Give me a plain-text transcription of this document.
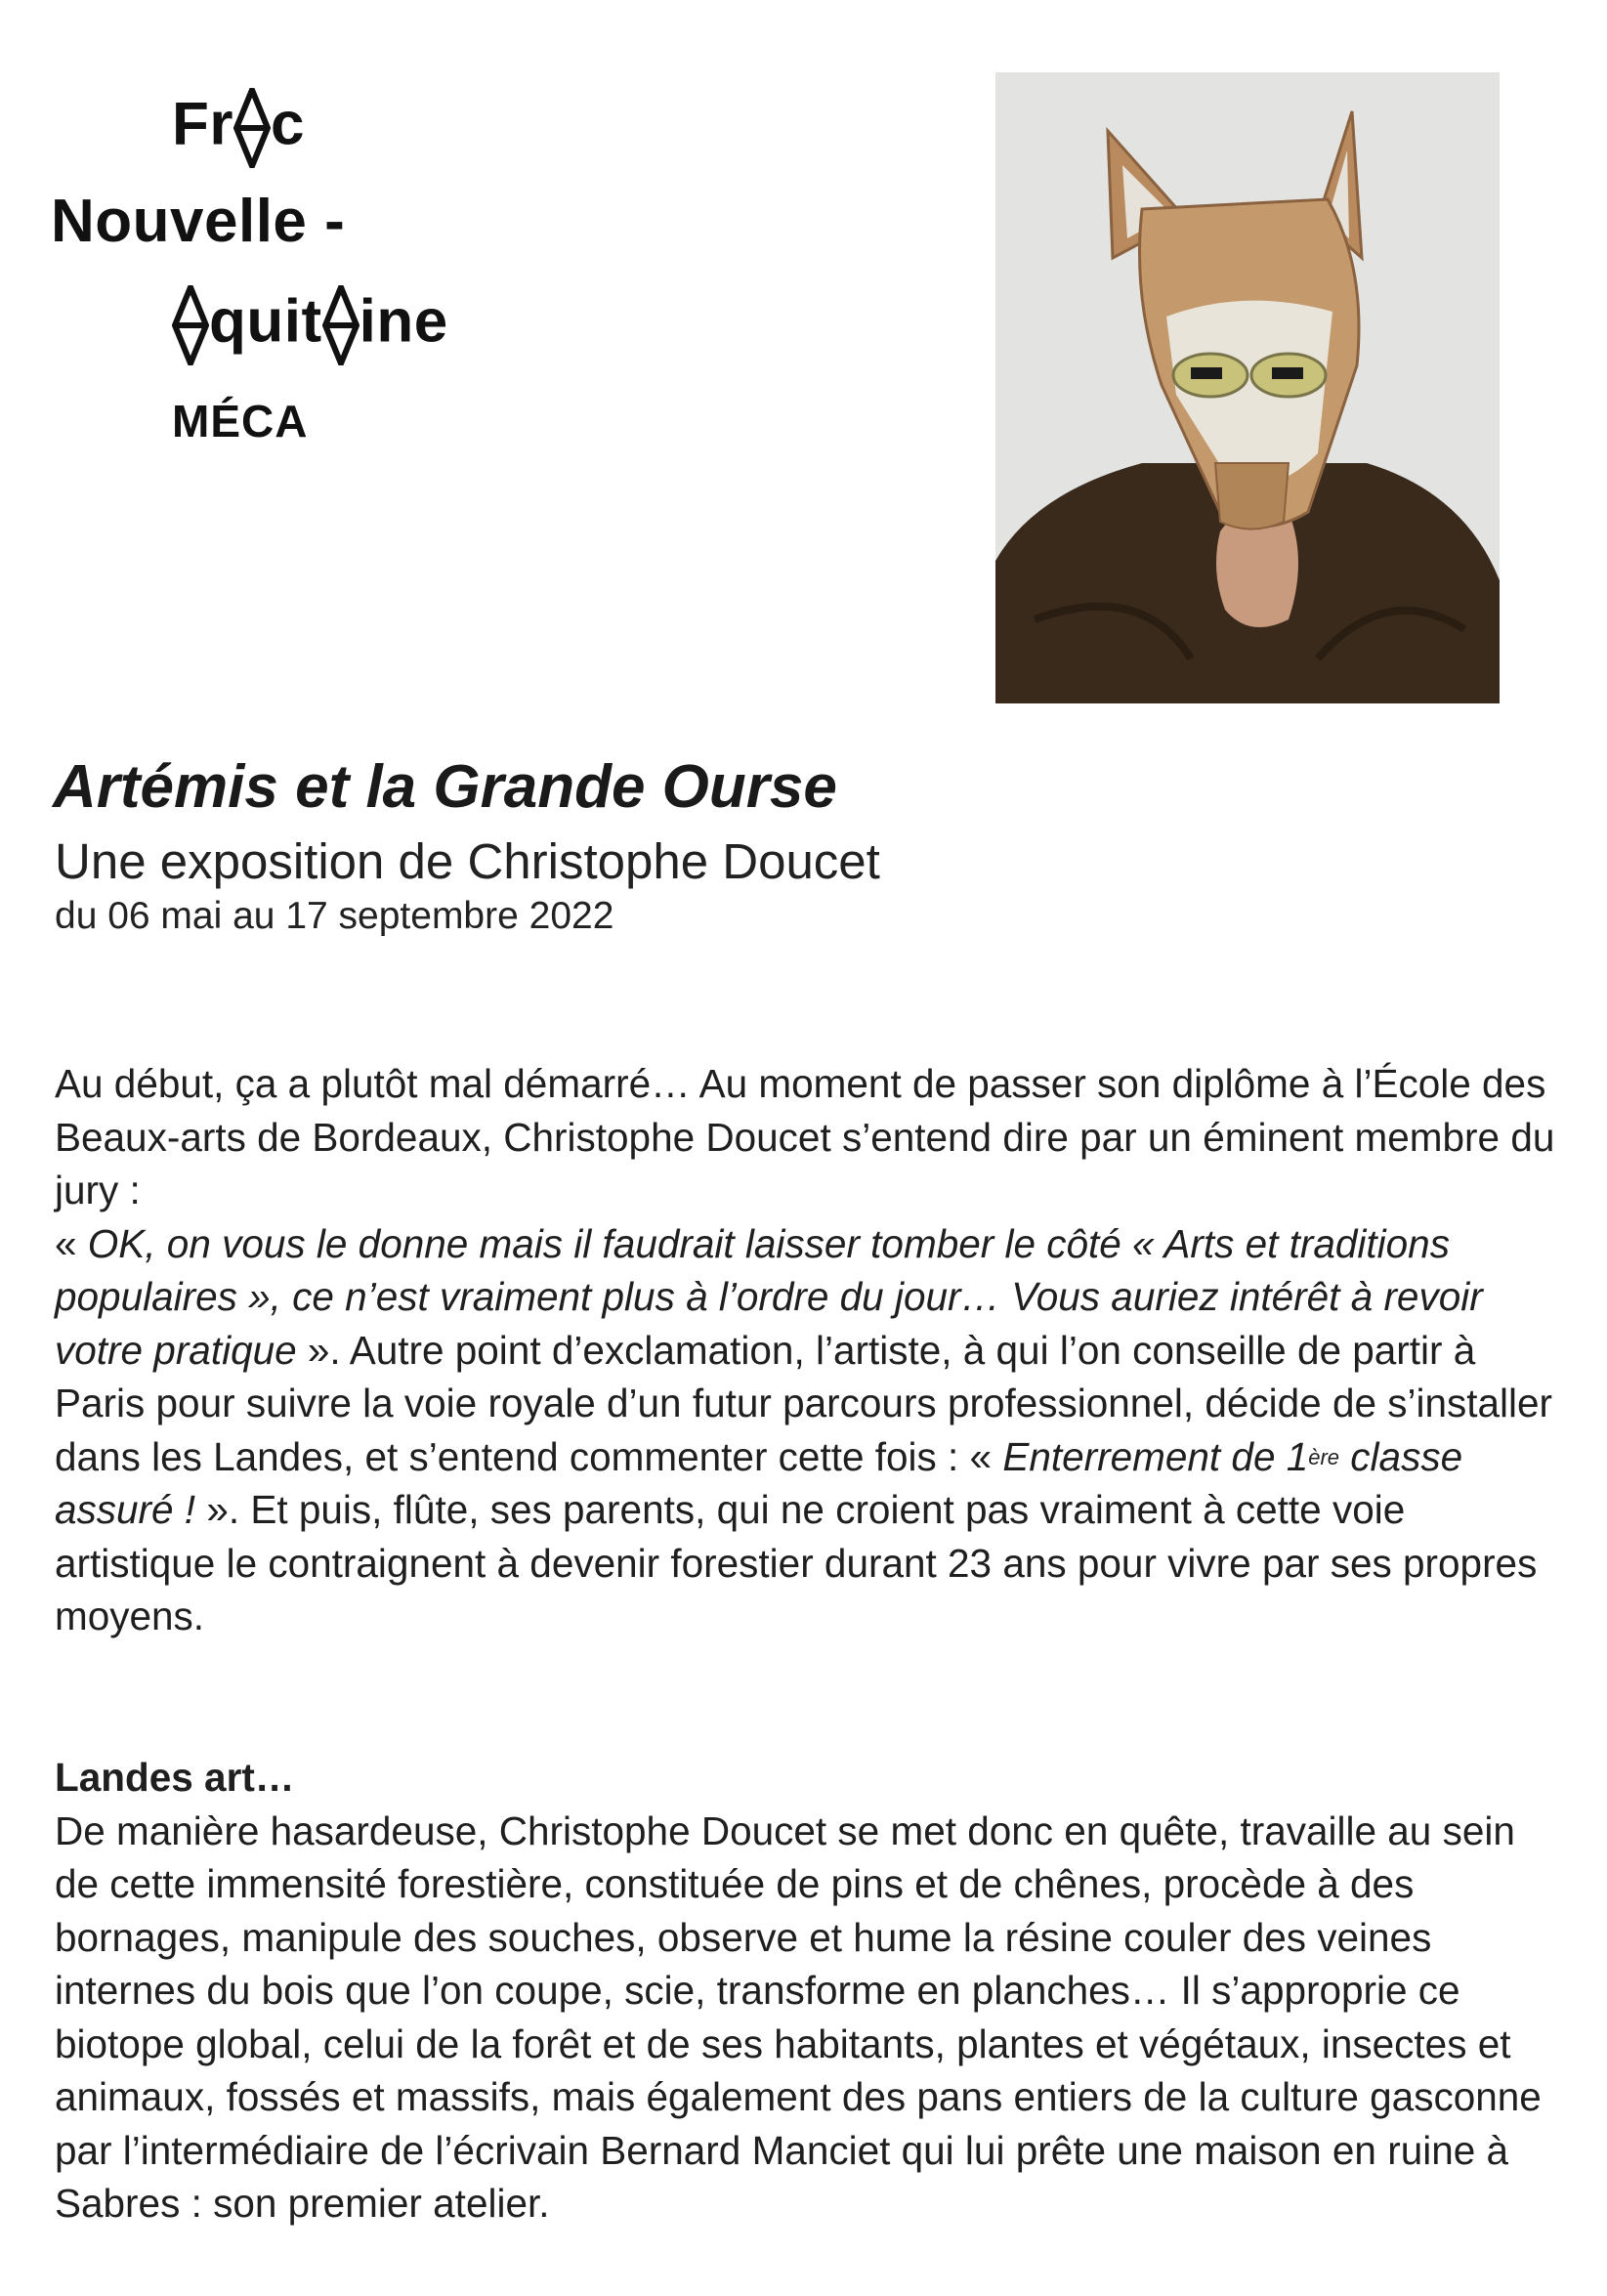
Fr c
Nouvelle -
quit ine
MÉCA
Artémis et la Grande Ourse
Une exposition de Christophe Doucet
du 06 mai au 17 septembre 2022

Au début, ça a plutôt mal démarré… Au moment de passer son diplôme à l’École des Beaux-arts de Bordeaux, Christophe Doucet s’entend dire par un éminent membre du jury :
« OK, on vous le donne mais il faudrait laisser tomber le côté « Arts et traditions populaires », ce n’est vraiment plus à l’ordre du jour… Vous auriez intérêt à revoir votre pratique ». Autre point d’exclamation, l’artiste, à qui l’on conseille de partir à Paris pour suivre la voie royale d’un futur parcours professionnel, décide de s’installer dans les Landes, et s’entend commenter cette fois : « Enterrement de 1ère classe assuré ! ». Et puis, flûte, ses parents, qui ne croient pas vraiment à cette voie artistique le contraignent à devenir forestier durant 23 ans pour vivre par ses propres moyens.

Landes art…

De manière hasardeuse, Christophe Doucet se met donc en quête, travaille au sein de cette immensité forestière, constituée de pins et de chênes, procède à des bornages, manipule des souches, observe et hume la résine couler des veines internes du bois que l’on coupe, scie, transforme en planches… Il s’approprie ce biotope global, celui de la forêt et de ses habitants, plantes et végétaux, insectes et animaux, fossés et massifs, mais également des pans entiers de la culture gasconne par l’intermédiaire de l’écrivain Bernard Manciet qui lui prête une maison en ruine à Sabres : son premier atelier.
